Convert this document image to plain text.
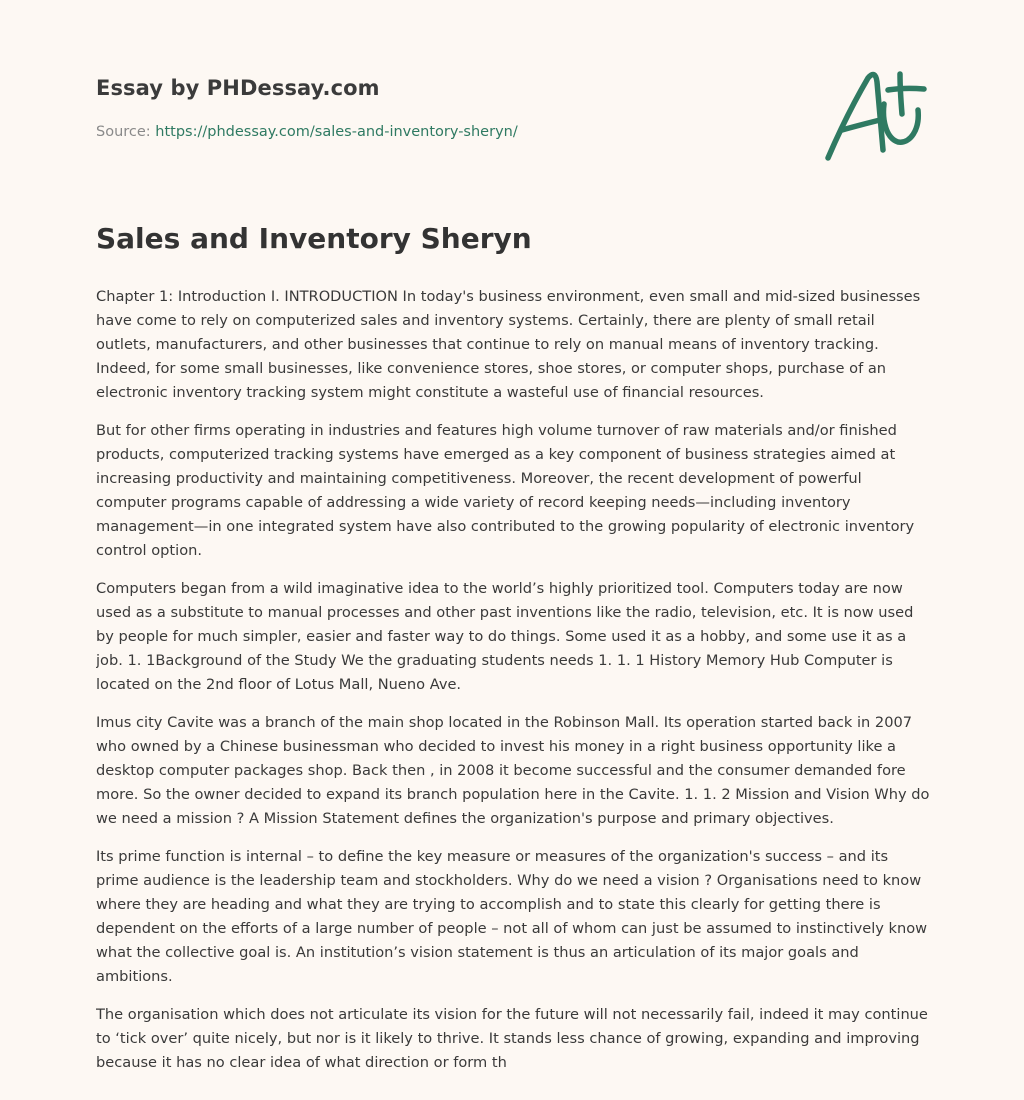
Essay by PHDessay.com
Source: https://phdessay.com/sales-and-inventory-sheryn/
Sales and Inventory Sheryn

Chapter 1: Introduction I. INTRODUCTION In today's business environment, even small and mid-sized businesses have come to rely on computerized sales and inventory systems. Certainly, there are plenty of small retail outlets, manufacturers, and other businesses that continue to rely on manual means of inventory tracking. Indeed, for some small businesses, like convenience stores, shoe stores, or computer shops, purchase of an electronic inventory tracking system might constitute a wasteful use of financial resources.

But for other firms operating in industries and features high volume turnover of raw materials and/or finished products, computerized tracking systems have emerged as a key component of business strategies aimed at increasing productivity and maintaining competitiveness. Moreover, the recent development of powerful computer programs capable of addressing a wide variety of record keeping needs—including inventory management—in one integrated system have also contributed to the growing popularity of electronic inventory control option.

Computers began from a wild imaginative idea to the world’s highly prioritized tool. Computers today are now used as a substitute to manual processes and other past inventions like the radio, television, etc. It is now used by people for much simpler, easier and faster way to do things. Some used it as a hobby, and some use it as a job. 1. 1Background of the Study We the graduating students needs 1. 1. 1 History Memory Hub Computer is located on the 2nd floor of Lotus Mall, Nueno Ave.

Imus city Cavite was a branch of the main shop located in the Robinson Mall. Its operation started back in 2007 who owned by a Chinese businessman who decided to invest his money in a right business opportunity like a desktop computer packages shop. Back then , in 2008 it become successful and the consumer demanded fore more. So the owner decided to expand its branch population here in the Cavite. 1. 1. 2 Mission and Vision Why do we need a mission ? A Mission Statement defines the organization's purpose and primary objectives.

Its prime function is internal – to define the key measure or measures of the organization's success – and its prime audience is the leadership team and stockholders. Why do we need a vision ? Organisations need to know where they are heading and what they are trying to accomplish and to state this clearly for getting there is dependent on the efforts of a large number of people – not all of whom can just be assumed to instinctively know what the collective goal is. An institution’s vision statement is thus an articulation of its major goals and ambitions.

The organisation which does not articulate its vision for the future will not necessarily fail, indeed it may continue to ‘tick over’ quite nicely, but nor is it likely to thrive. It stands less chance of growing, expanding and improving because it has no clear idea of what direction or form th
